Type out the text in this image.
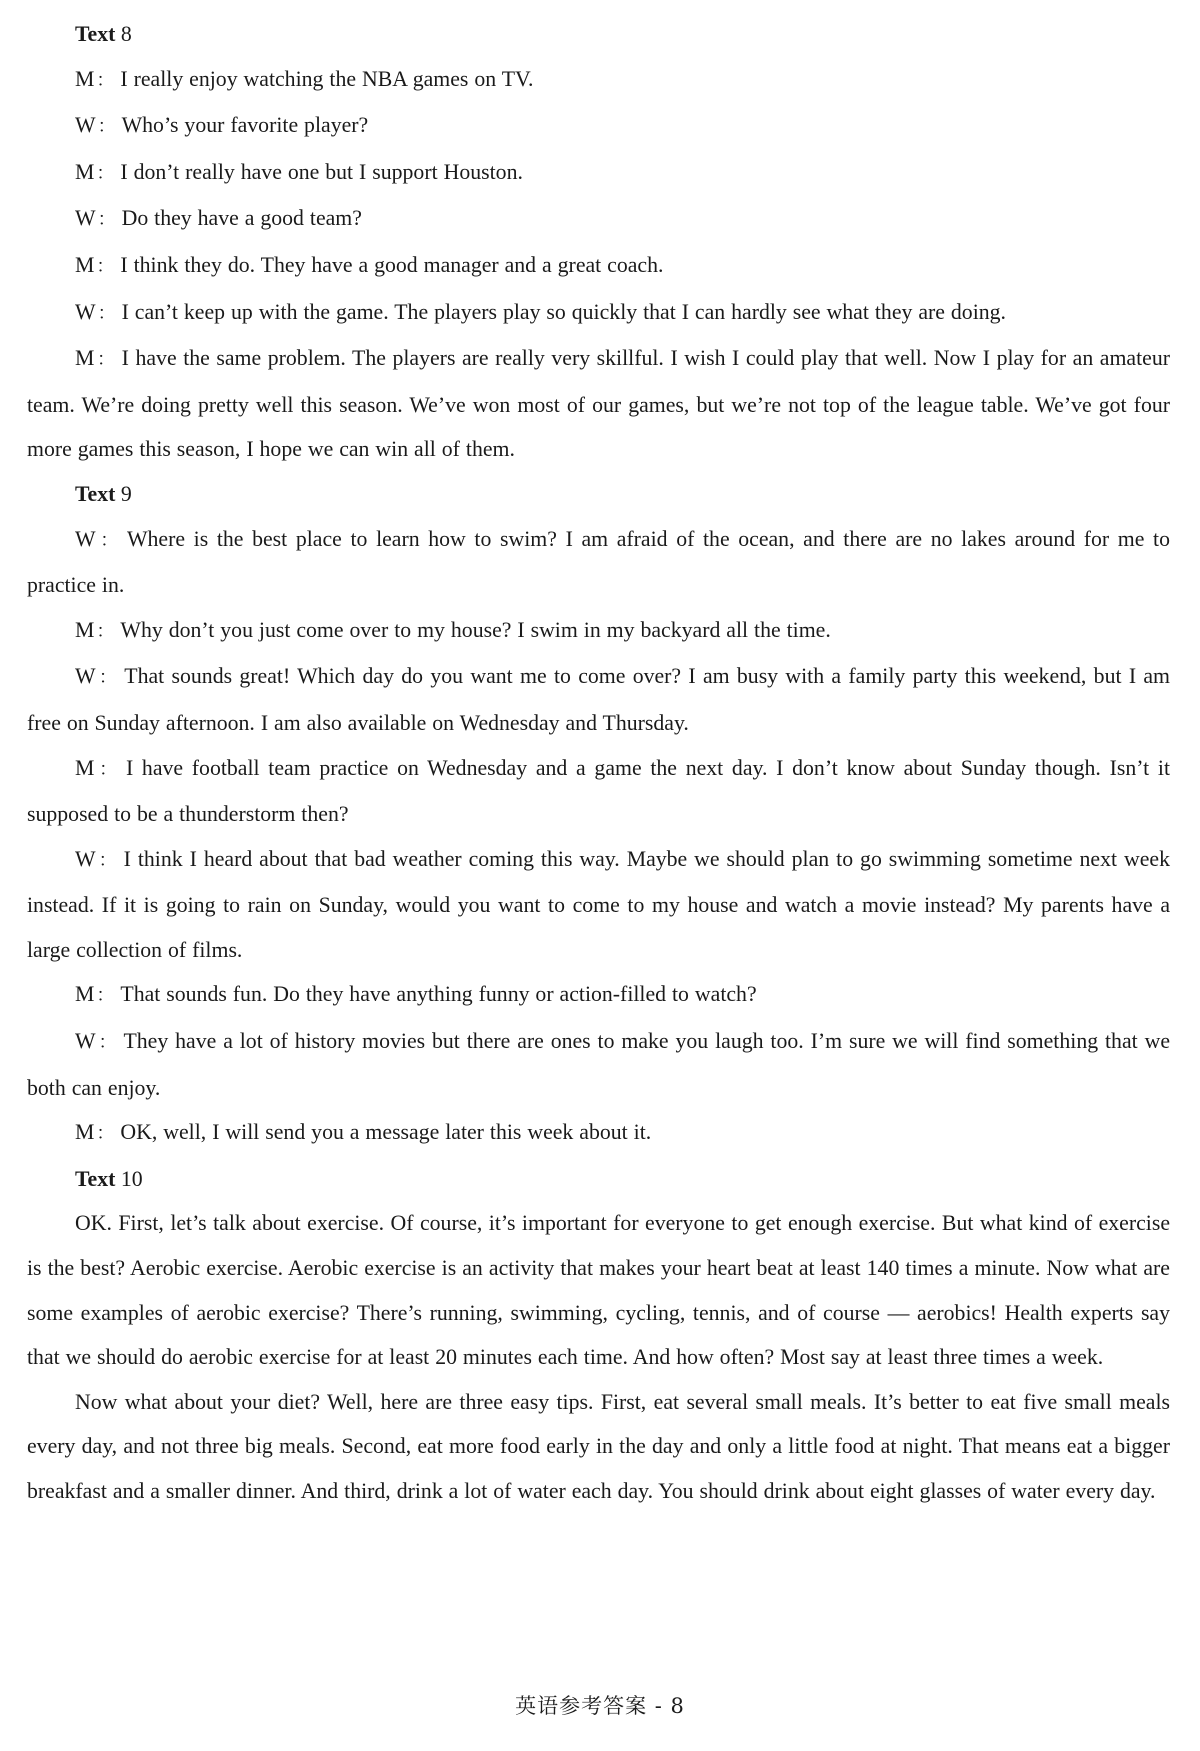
Text 8

M ： I really enjoy watching the NBA games on TV.

W ： Who’s your favorite player?

M ： I don’t really have one but I support Houston.

W ： Do they have a good team?

M ： I think they do. They have a good manager and a great coach.

W ： I can’t keep up with the game. The players play so quickly that I can hardly see what they are doing.

M ： I have the same problem. The players are really very skillful. I wish I could play that well. Now I play for an amateur team. We’re doing pretty well this season. We’ve won most of our games, but we’re not top of the league table. We’ve got four more games this season, I hope we can win all of them.

Text 9

W ： Where is the best place to learn how to swim? I am afraid of the ocean, and there are no lakes around for me to practice in.

M ： Why don’t you just come over to my house? I swim in my backyard all the time.

W ： That sounds great! Which day do you want me to come over? I am busy with a family party this weekend, but I am free on Sunday afternoon. I am also available on Wednesday and Thursday.

M ： I have football team practice on Wednesday and a game the next day. I don’t know about Sunday though. Isn’t it supposed to be a thunderstorm then?

W ： I think I heard about that bad weather coming this way. Maybe we should plan to go swimming sometime next week instead. If it is going to rain on Sunday, would you want to come to my house and watch a movie instead? My parents have a large collection of films.

M ： That sounds fun. Do they have anything funny or action-filled to watch?

W ： They have a lot of history movies but there are ones to make you laugh too. I’m sure we will find something that we both can enjoy.

M ： OK, well, I will send you a message later this week about it.

Text 10

OK. First, let’s talk about exercise. Of course, it’s important for everyone to get enough exercise. But what kind of exercise is the best? Aerobic exercise. Aerobic exercise is an activity that makes your heart beat at least 140 times a minute. Now what are some examples of aerobic exercise? There’s running, swimming, cycling, tennis, and of course — aerobics! Health experts say that we should do aerobic exercise for at least 20 minutes each time. And how often? Most say at least three times a week.

Now what about your diet? Well, here are three easy tips. First, eat several small meals. It’s better to eat five small meals every day, and not three big meals. Second, eat more food early in the day and only a little food at night. That means eat a bigger breakfast and a smaller dinner. And third, drink a lot of water each day. You should drink about eight glasses of water every day.

英语参考答案 - 8
